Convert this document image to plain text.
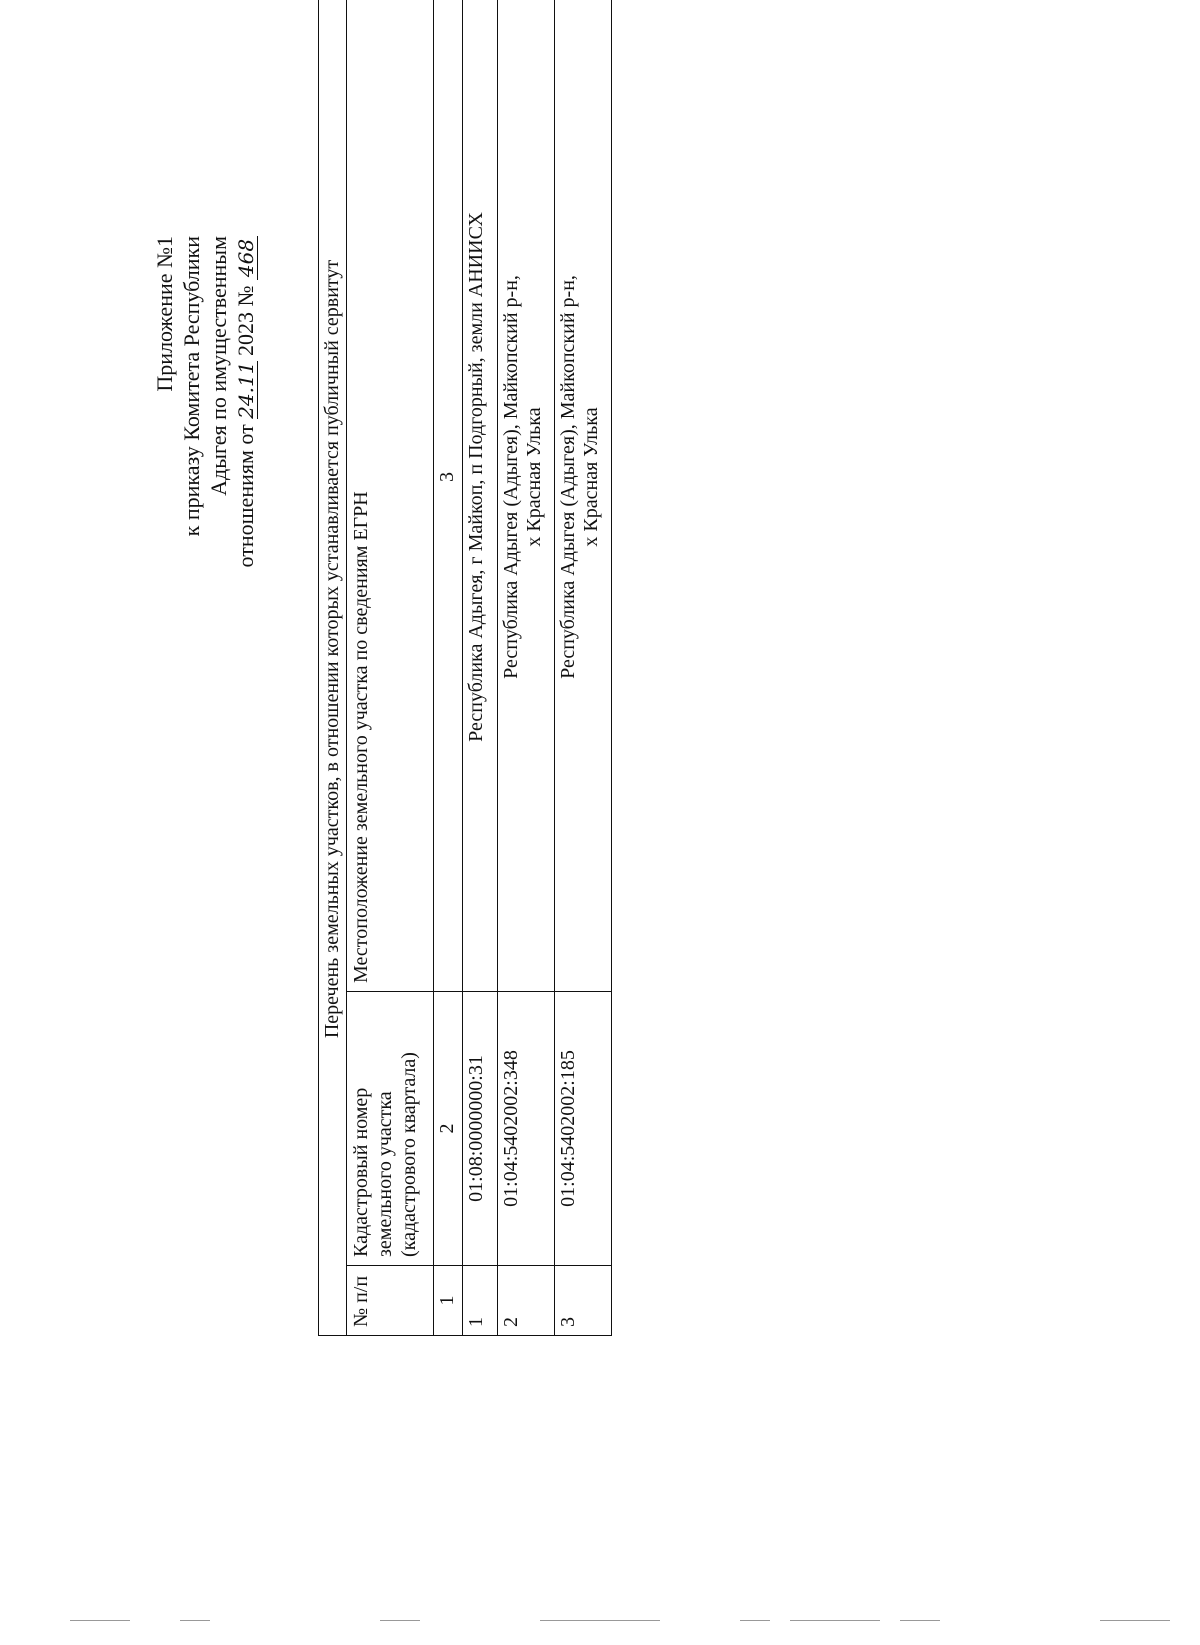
Приложение №1 к приказу Комитета Республики Адыгея по имущественным
отношениям от 24.11 2023 № 468
Перечень земельных участков, в отношении которых устанавливается публичный сервитут		
№ п/п	Кадастровый номер земельного участка (кадастрового квартала)	Местоположение земельного участка по сведениям ЕГРН
1	2	3
1	01:08:0000000:31	Республика Адыгея, г Майкоп, п Подгорный, земли АНИИСХ
2	01:04:5402002:348	Республика Адыгея (Адыгея), Майкопский р-н, х Красная Улька

3	01:04:5402002:185	Республика Адыгея (Адыгея), Майкопский р-н, х Красная Улька
